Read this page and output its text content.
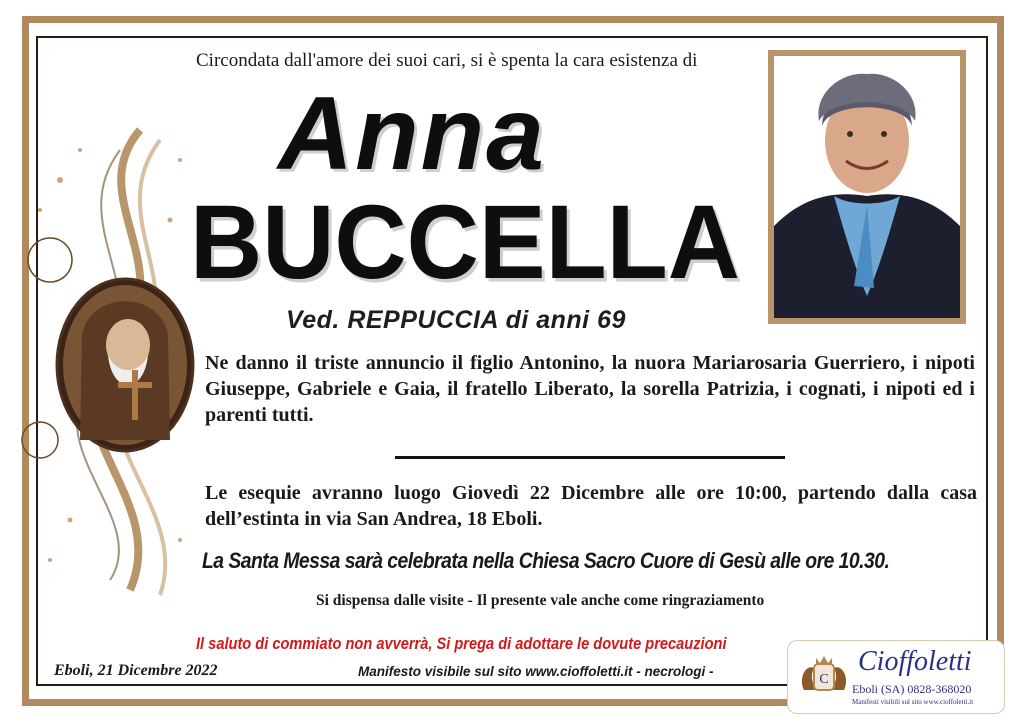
Circondata dall'amore dei suoi cari, si è spenta la cara esistenza di
Anna
BUCCELLA
Ved. REPPUCCIA di anni 69
Ne danno il triste annuncio il figlio Antonino, la nuora Mariarosaria Guerriero, i nipoti Giuseppe, Gabriele e Gaia, il fratello Liberato, la sorella Patrizia, i cognati, i nipoti ed i parenti tutti.
Le esequie avranno luogo Giovedì 22 Dicembre alle ore 10:00, partendo dalla casa dell’estinta in via San Andrea, 18 Eboli.
La Santa Messa sarà celebrata nella Chiesa Sacro Cuore di Gesù alle ore 10.30.
Si dispensa dalle visite - Il presente vale anche come ringraziamento
Il saluto di commiato non avverrà, Si prega di adottare le dovute precauzioni
Eboli, 21 Dicembre 2022	Manifesto visibile sul sito www.cioffoletti.it - necrologi -
C
Cioffoletti
Eboli (SA) 0828-368020
Manifesti visibili sul sito www.cioffoletti.it
